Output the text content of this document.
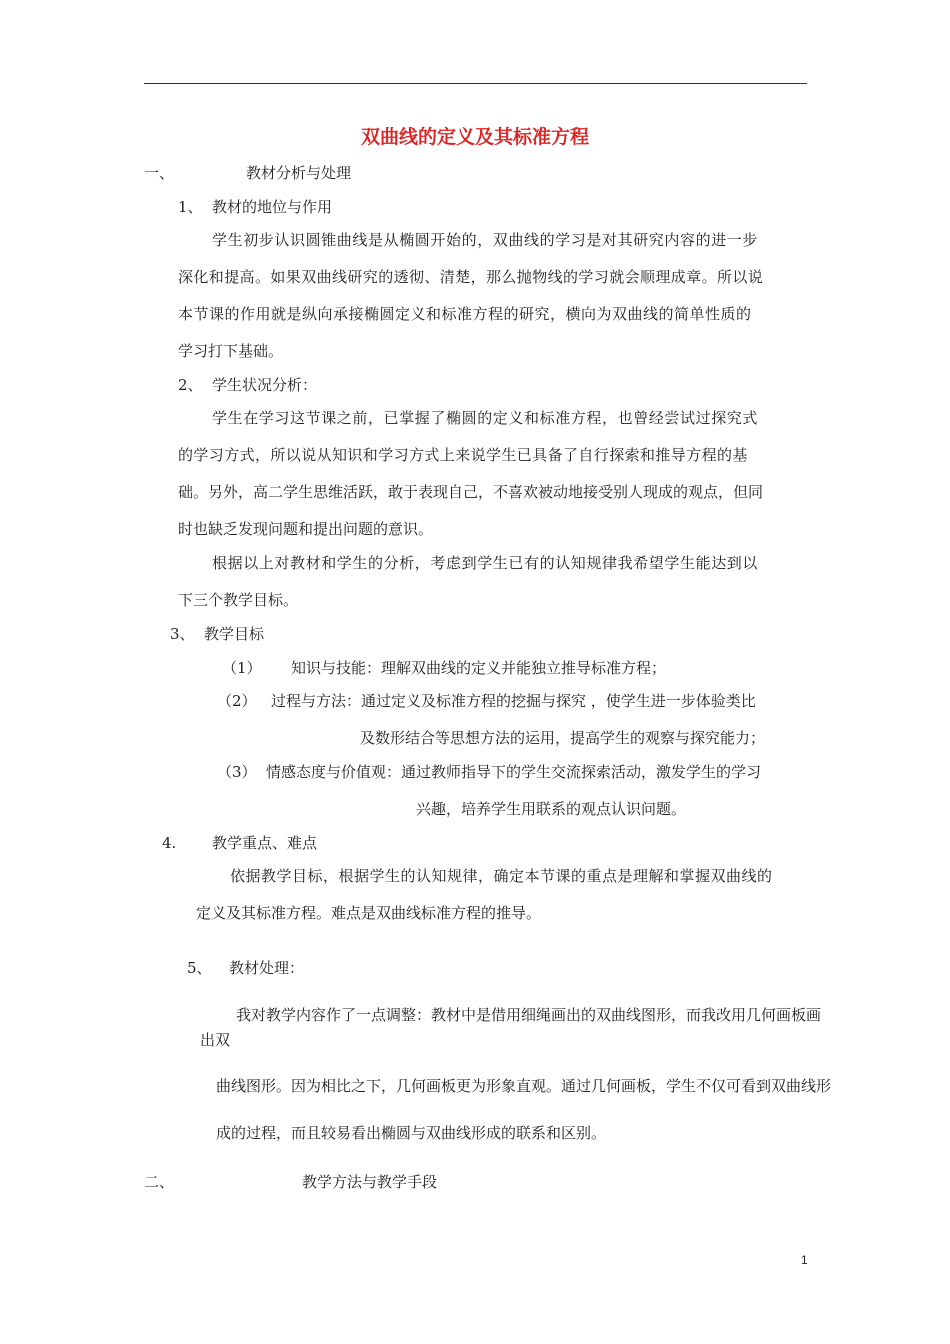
双曲线的定义及其标准方程
一、	教材分析与处理
1、 教材的地位与作用
学生初步认识圆锥曲线是从椭圆开始的，双曲线的学习是对其研究内容的进一步
深化和提高。如果双曲线研究的透彻、清楚，那么抛物线的学习就会顺理成章。所以说
本节课的作用就是纵向承接椭圆定义和标准方程的研究，横向为双曲线的简单性质的
学习打下基础。
2、 学生状况分析：
学生在学习这节课之前，已掌握了椭圆的定义和标准方程，也曾经尝试过探究式
的学习方式，所以说从知识和学习方式上来说学生已具备了自行探索和推导方程的基
础。另外，高二学生思维活跃，敢于表现自己，不喜欢被动地接受别人现成的观点，但同
时也缺乏发现问题和提出问题的意识。
根据以上对教材和学生的分析，考虑到学生已有的认知规律我希望学生能达到以
下三个教学目标。
3、 教学目标
（1） 知识与技能：理解双曲线的定义并能独立推导标准方程；
（2） 过程与方法：通过定义及标准方程的挖掘与探究 ，使学生进一步体验类比
及数形结合等思想方法的运用，提高学生的观察与探究能力；
（3） 情感态度与价值观：通过教师指导下的学生交流探索活动，激发学生的学习
兴趣，培养学生用联系的观点认识问题。
4. 教学重点、难点
依据教学目标，根据学生的认知规律，确定本节课的重点是理解和掌握双曲线的
定义及其标准方程。难点是双曲线标准方程的推导。
5、 教材处理：
我对教学内容作了一点调整：教材中是借用细绳画出的双曲线图形，而我改用几何画板画
出双
曲线图形。因为相比之下，几何画板更为形象直观。通过几何画板，学生不仅可看到双曲线形
成的过程，而且较易看出椭圆与双曲线形成的联系和区别。
二、	教学方法与教学手段
1
